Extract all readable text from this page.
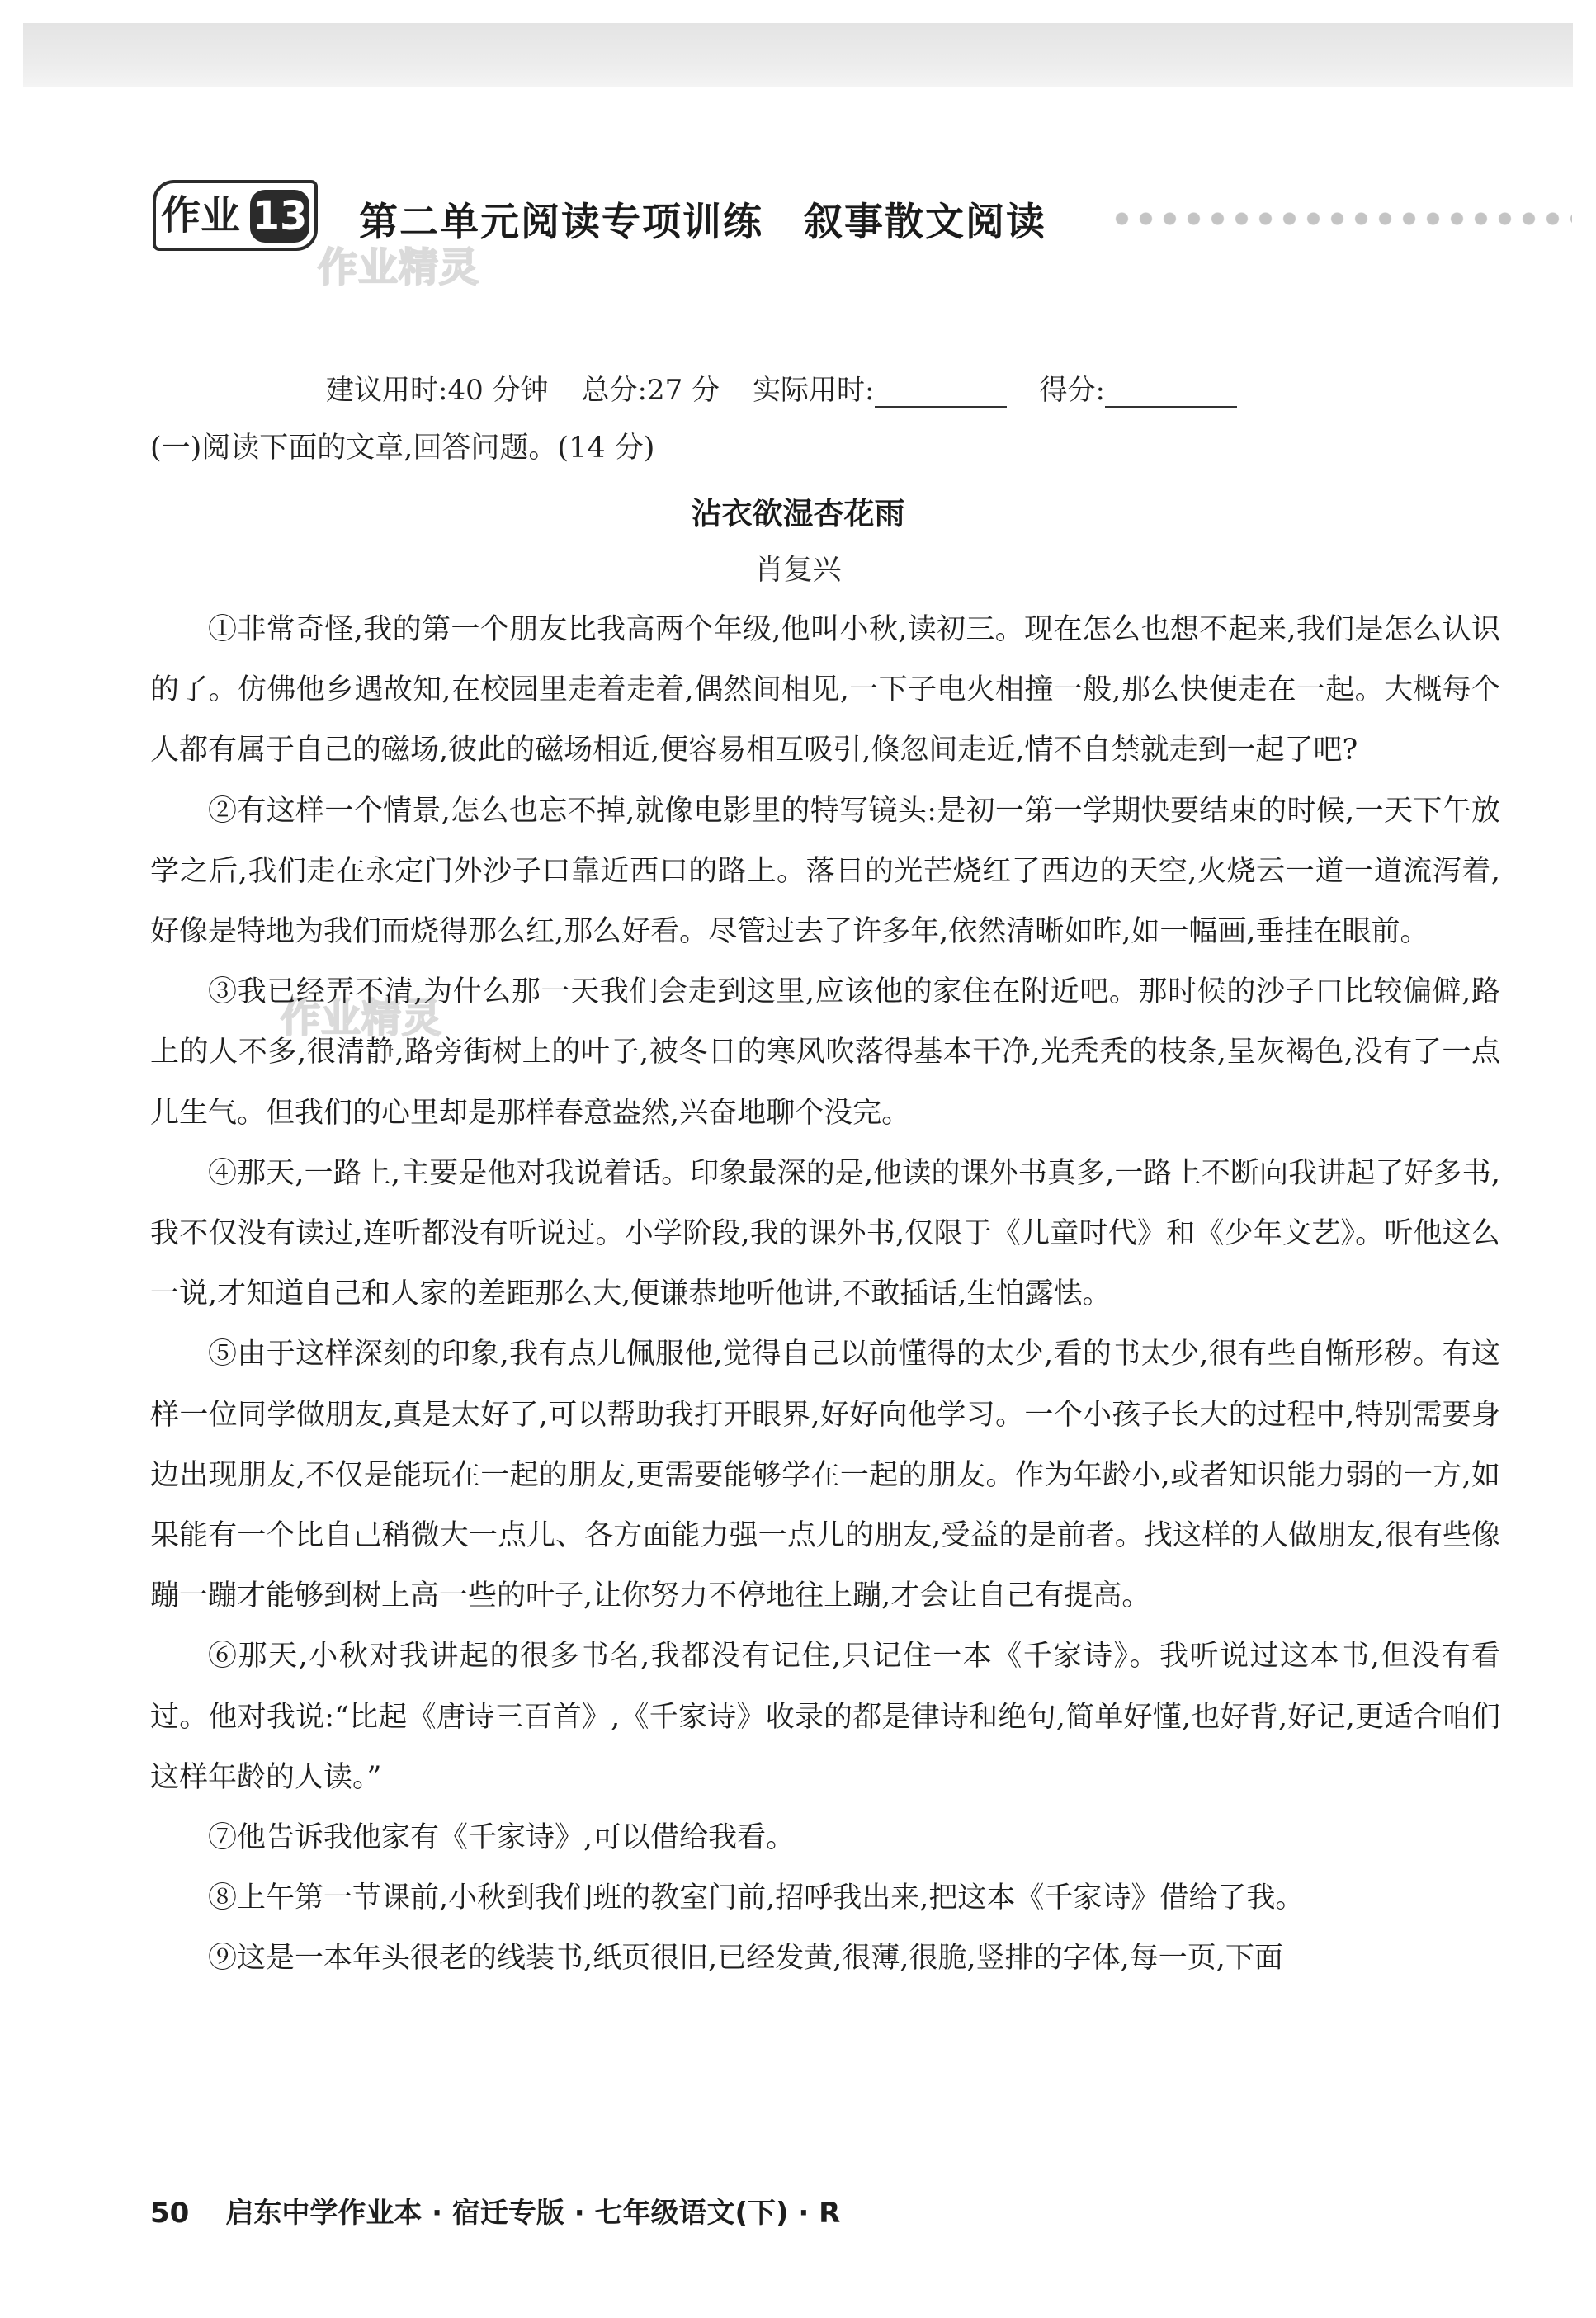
作业 13 第二单元阅读专项训练　叙事散文阅读
作业精灵
作业精灵
建议用时:40 分钟 总分:27 分 实际用时:	得分:
(一)阅读下面的文章,回答问题。(14 分)
沾衣欲湿杏花雨
肖复兴

①非常奇怪,我的第一个朋友比我高两个年级,他叫小秋,读初三。现在怎么也想不起来,我们是怎么认识的了。仿佛他乡遇故知,在校园里走着走着,偶然间相见,一下子电火相撞一般,那么快便走在一起。大概每个人都有属于自己的磁场,彼此的磁场相近,便容易相互吸引,倏忽间走近,情不自禁就走到一起了吧?

②有这样一个情景,怎么也忘不掉,就像电影里的特写镜头:是初一第一学期快要结束的时候,一天下午放学之后,我们走在永定门外沙子口靠近西口的路上。落日的光芒烧红了西边的天空,火烧云一道一道流泻着,好像是特地为我们而烧得那么红,那么好看。尽管过去了许多年,依然清晰如昨,如一幅画,垂挂在眼前。

③我已经弄不清,为什么那一天我们会走到这里,应该他的家住在附近吧。那时候的沙子口比较偏僻,路上的人不多,很清静,路旁街树上的叶子,被冬日的寒风吹落得基本干净,光秃秃的枝条,呈灰褐色,没有了一点儿生气。但我们的心里却是那样春意盎然,兴奋地聊个没完。

④那天,一路上,主要是他对我说着话。印象最深的是,他读的课外书真多,一路上不断向我讲起了好多书,我不仅没有读过,连听都没有听说过。小学阶段,我的课外书,仅限于《儿童时代》和《少年文艺》。听他这么一说,才知道自己和人家的差距那么大,便谦恭地听他讲,不敢插话,生怕露怯。

⑤由于这样深刻的印象,我有点儿佩服他,觉得自己以前懂得的太少,看的书太少,很有些自惭形秽。有这样一位同学做朋友,真是太好了,可以帮助我打开眼界,好好向他学习。一个小孩子长大的过程中,特别需要身边出现朋友,不仅是能玩在一起的朋友,更需要能够学在一起的朋友。作为年龄小,或者知识能力弱的一方,如果能有一个比自己稍微大一点儿、各方面能力强一点儿的朋友,受益的是前者。找这样的人做朋友,很有些像蹦一蹦才能够到树上高一些的叶子,让你努力不停地往上蹦,才会让自己有提高。

⑥那天,小秋对我讲起的很多书名,我都没有记住,只记住一本《千家诗》。我听说过这本书,但没有看过。他对我说:“比起《唐诗三百首》,《千家诗》收录的都是律诗和绝句,简单好懂,也好背,好记,更适合咱们这样年龄的人读。”

⑦他告诉我他家有《千家诗》,可以借给我看。

⑧上午第一节课前,小秋到我们班的教室门前,招呼我出来,把这本《千家诗》借给了我。

⑨这是一本年头很老的线装书,纸页很旧,已经发黄,很薄,很脆,竖排的字体,每一页,下面

50 启东中学作业本 · 宿迁专版 · 七年级语文(下) · R
